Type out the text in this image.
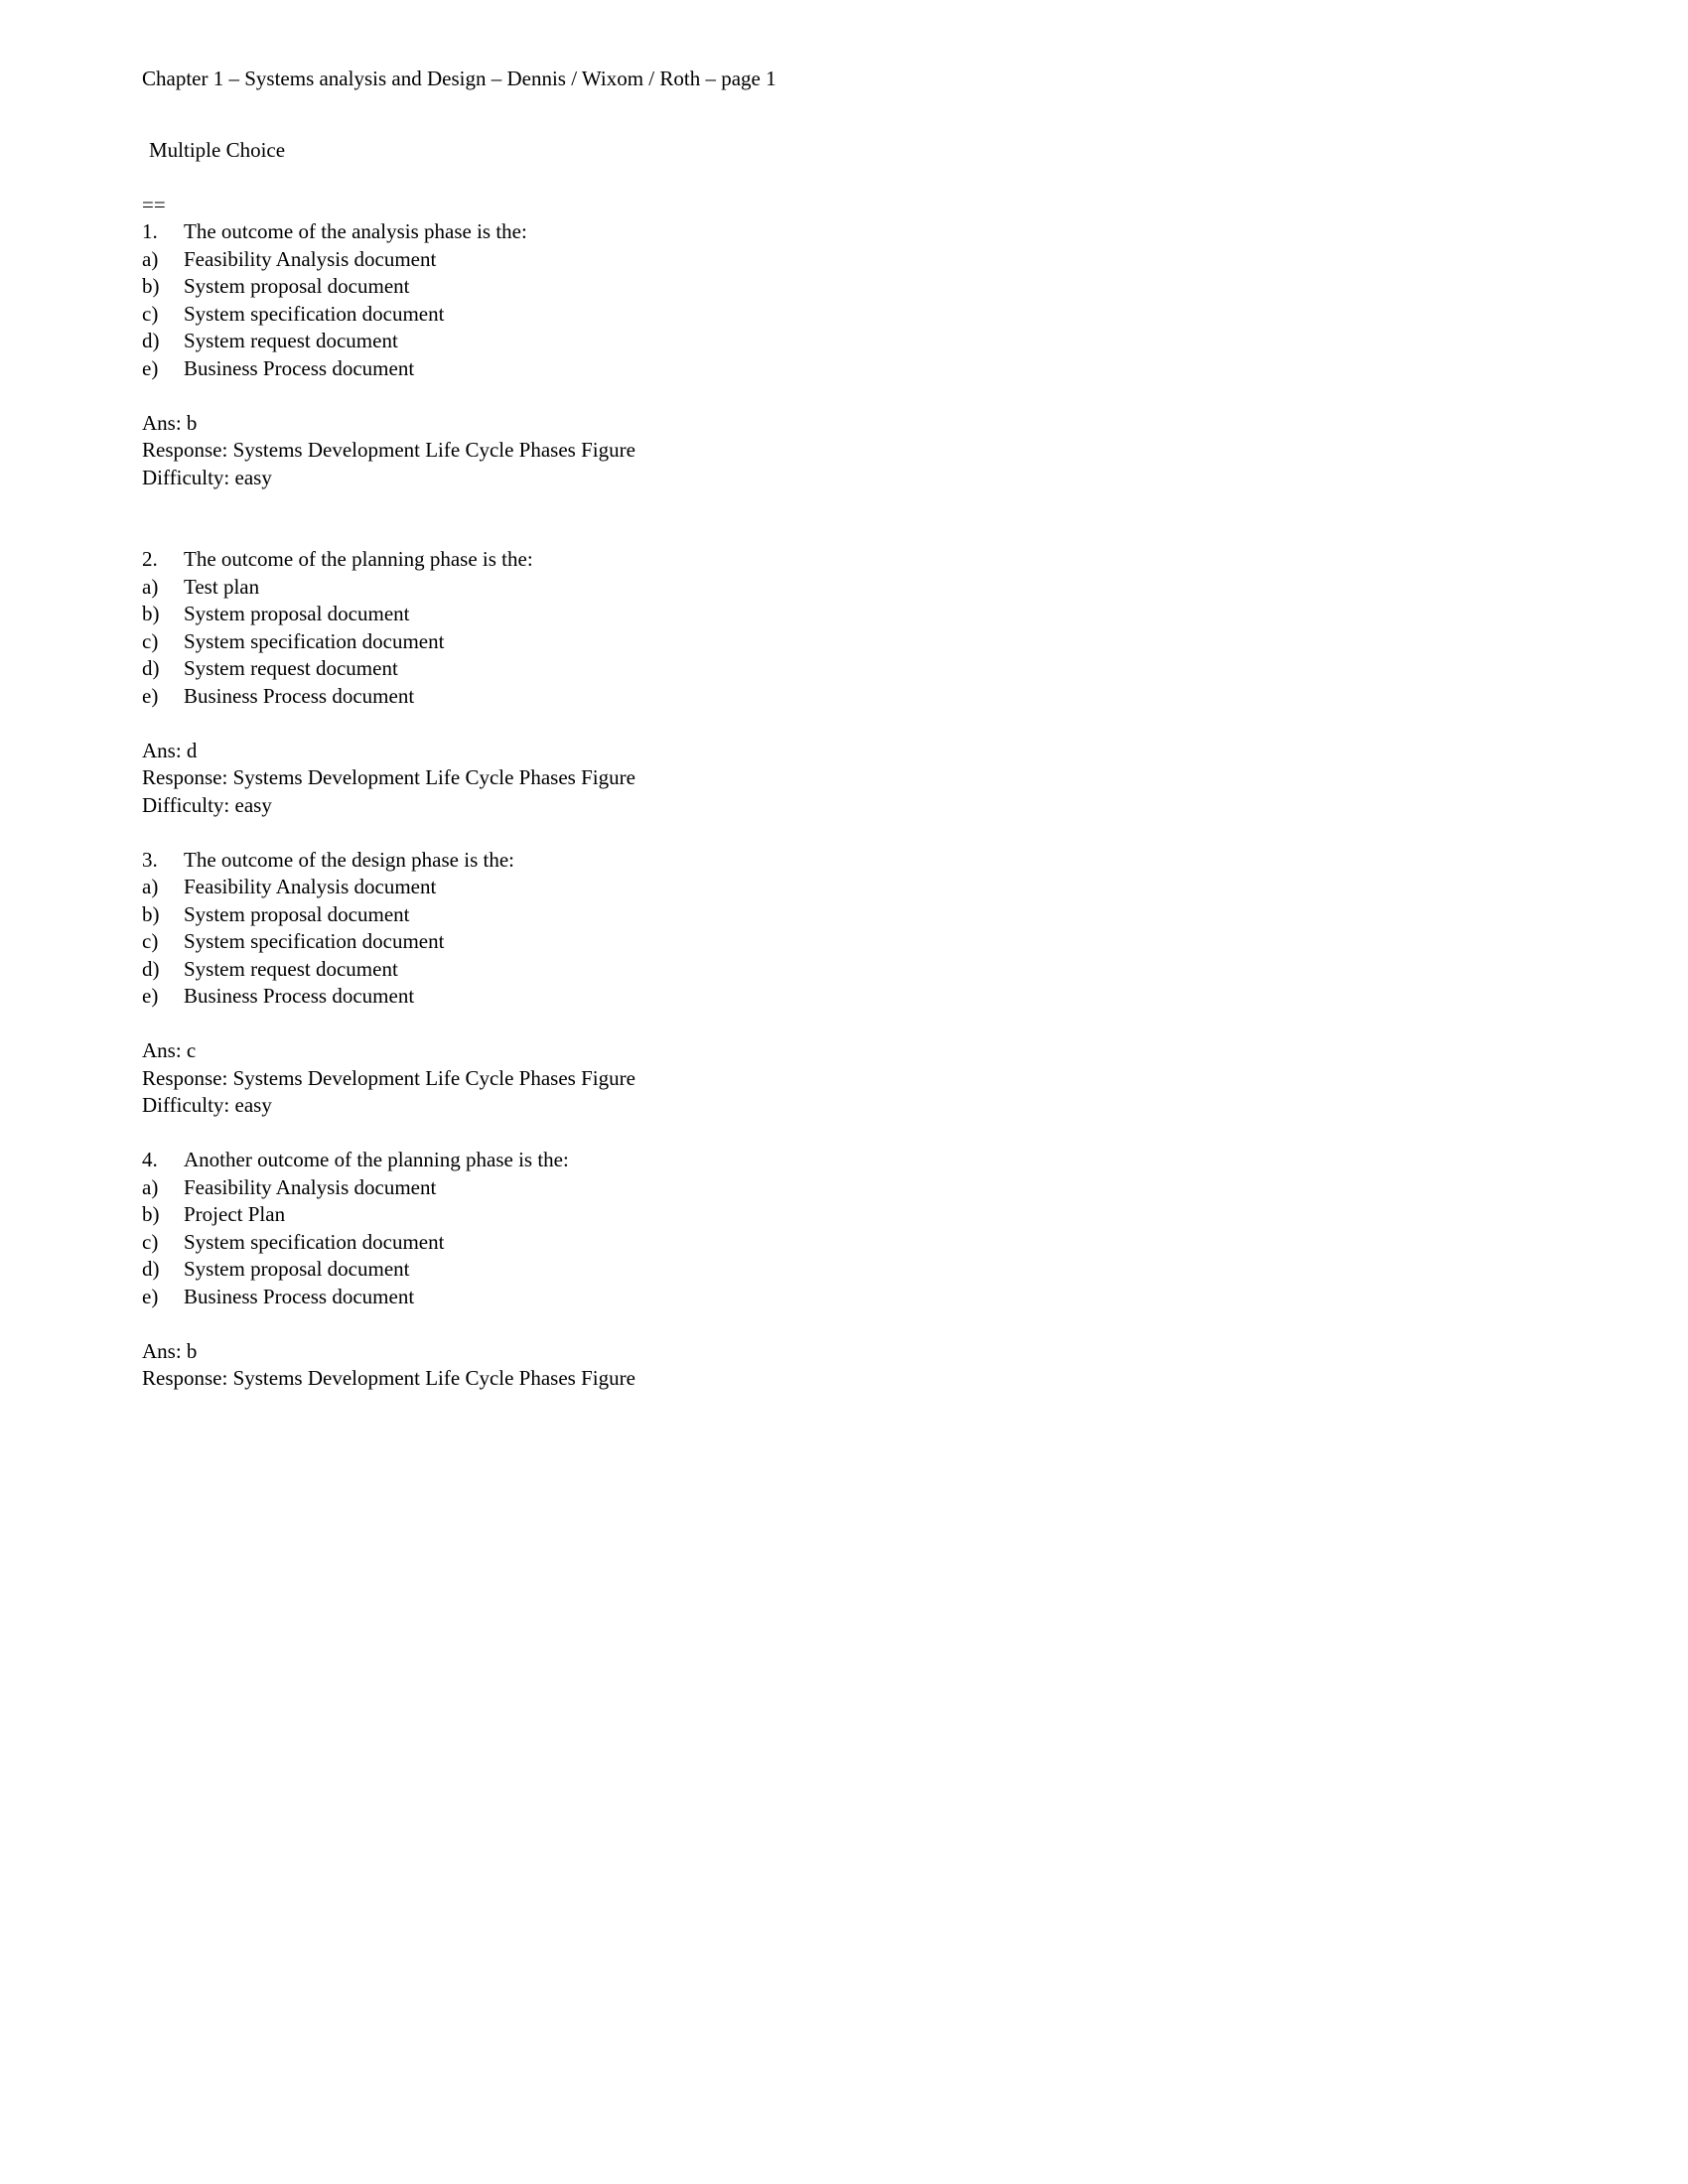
Chapter 1 – Systems analysis and Design – Dennis / Wixom / Roth – page 1
Multiple Choice
==
1. The outcome of the analysis phase is the:
a) Feasibility Analysis document
b) System proposal document
c) System specification document
d) System request document
e) Business Process document
Ans: b
Response: Systems Development Life Cycle Phases Figure
Difficulty: easy
2. The outcome of the planning phase is the:
a) Test plan
b) System proposal document
c) System specification document
d) System request document
e) Business Process document
Ans: d
Response: Systems Development Life Cycle Phases Figure
Difficulty: easy
3. The outcome of the design phase is the:
a) Feasibility Analysis document
b) System proposal document
c) System specification document
d) System request document
e) Business Process document
Ans: c
Response: Systems Development Life Cycle Phases Figure
Difficulty: easy
4. Another outcome of the planning phase is the:
a) Feasibility Analysis document
b) Project Plan
c) System specification document
d) System proposal document
e) Business Process document
Ans: b
Response: Systems Development Life Cycle Phases Figure
